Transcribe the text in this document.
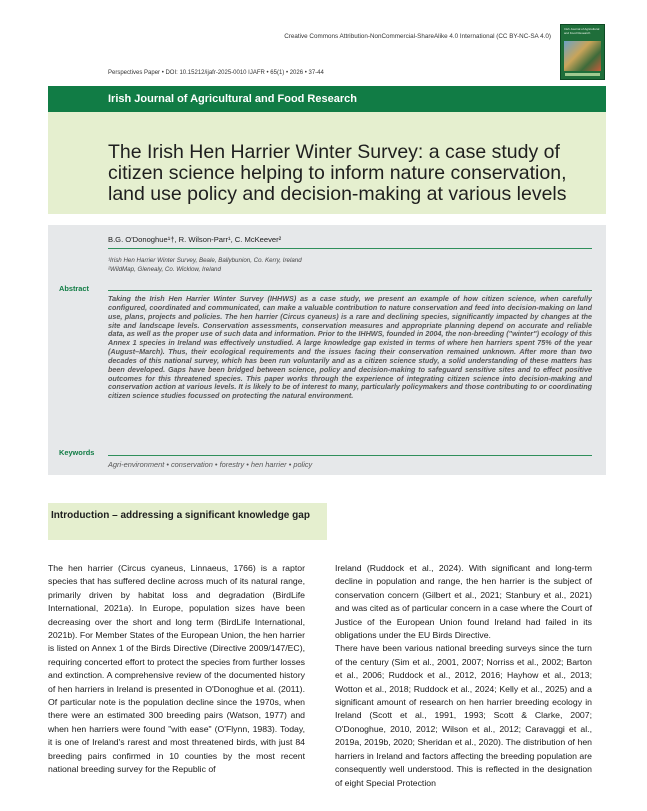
Creative Commons Attribution-NonCommercial-ShareAlike 4.0 International (CC BY-NC-SA 4.0)
Irish Journal of Agricultural and Food Research
Perspectives Paper • DOI: 10.15212/ijafr-2025-0010 IJAFR • 65(1) • 2026 • 37-44
Irish Journal of Agricultural and Food Research
The Irish Hen Harrier Winter Survey: a case study of citizen science helping to inform nature conservation, land use policy and decision-making at various levels
B.G. O'Donoghue¹†, R. Wilson-Parr¹, C. McKeever²
¹Irish Hen Harrier Winter Survey, Beale, Ballybunion, Co. Kerry, Ireland
²WildMap, Glenealy, Co. Wicklow, Ireland
Abstract
Taking the Irish Hen Harrier Winter Survey (IHHWS) as a case study, we present an example of how citizen science, when carefully configured, coordinated and communicated, can make a valuable contribution to nature conservation and feed into decision-making on land use, plans, projects and policies. The hen harrier (Circus cyaneus) is a rare and declining species, significantly impacted by changes at the site and landscape levels. Conservation assessments, conservation measures and appropriate planning depend on accurate and reliable data, as well as the proper use of such data and information. Prior to the IHHWS, founded in 2004, the non-breeding ("winter") ecology of this Annex 1 species in Ireland was effectively unstudied. A large knowledge gap existed in terms of where hen harriers spent 75% of the year (August–March). Thus, their ecological requirements and the issues facing their conservation remained unknown. After more than two decades of this national survey, which has been run voluntarily and as a citizen science study, a solid understanding of these matters has been developed. Gaps have been bridged between science, policy and decision-making to safeguard sensitive sites and to effect positive outcomes for this threatened species. This paper works through the experience of integrating citizen science into decision-making and conservation action at various levels. It is likely to be of interest to many, particularly policymakers and those contributing to or coordinating citizen science studies focussed on protecting the natural environment.
Keywords
Agri-environment • conservation • forestry • hen harrier • policy
Introduction – addressing a significant knowledge gap

The hen harrier (Circus cyaneus, Linnaeus, 1766) is a raptor species that has suffered decline across much of its natural range, primarily driven by habitat loss and degradation (BirdLife International, 2021a). In Europe, population sizes have been decreasing over the short and long term (BirdLife International, 2021b). For Member States of the European Union, the hen harrier is listed on Annex 1 of the Birds Directive (Directive 2009/147/EC), requiring concerted effort to protect the species from further losses and extinction. A comprehensive review of the documented history of hen harriers in Ireland is presented in O'Donoghue et al. (2011). Of particular note is the population decline since the 1970s, when there were an estimated 300 breeding pairs (Watson, 1977) and when hen harriers were found "with ease" (O'Flynn, 1983). Today, it is one of Ireland's rarest and most threatened birds, with just 84 breeding pairs confirmed in 10 counties by the most recent national breeding survey for the Republic of

Ireland (Ruddock et al., 2024). With significant and long-term decline in population and range, the hen harrier is the subject of conservation concern (Gilbert et al., 2021; Stanbury et al., 2021) and was cited as of particular concern in a case where the Court of Justice of the European Union found Ireland had failed in its obligations under the EU Birds Directive.

There have been various national breeding surveys since the turn of the century (Sim et al., 2001, 2007; Norriss et al., 2002; Barton et al., 2006; Ruddock et al., 2012, 2016; Hayhow et al., 2013; Wotton et al., 2018; Ruddock et al., 2024; Kelly et al., 2025) and a significant amount of research on hen harrier breeding ecology in Ireland (Scott et al., 1991, 1993; Scott & Clarke, 2007; O'Donoghue, 2010, 2012; Wilson et al., 2012; Caravaggi et al., 2019a, 2019b, 2020; Sheridan et al., 2020). The distribution of hen harriers in Ireland and factors affecting the breeding population are consequently well understood. This is reflected in the designation of eight Special Protection
